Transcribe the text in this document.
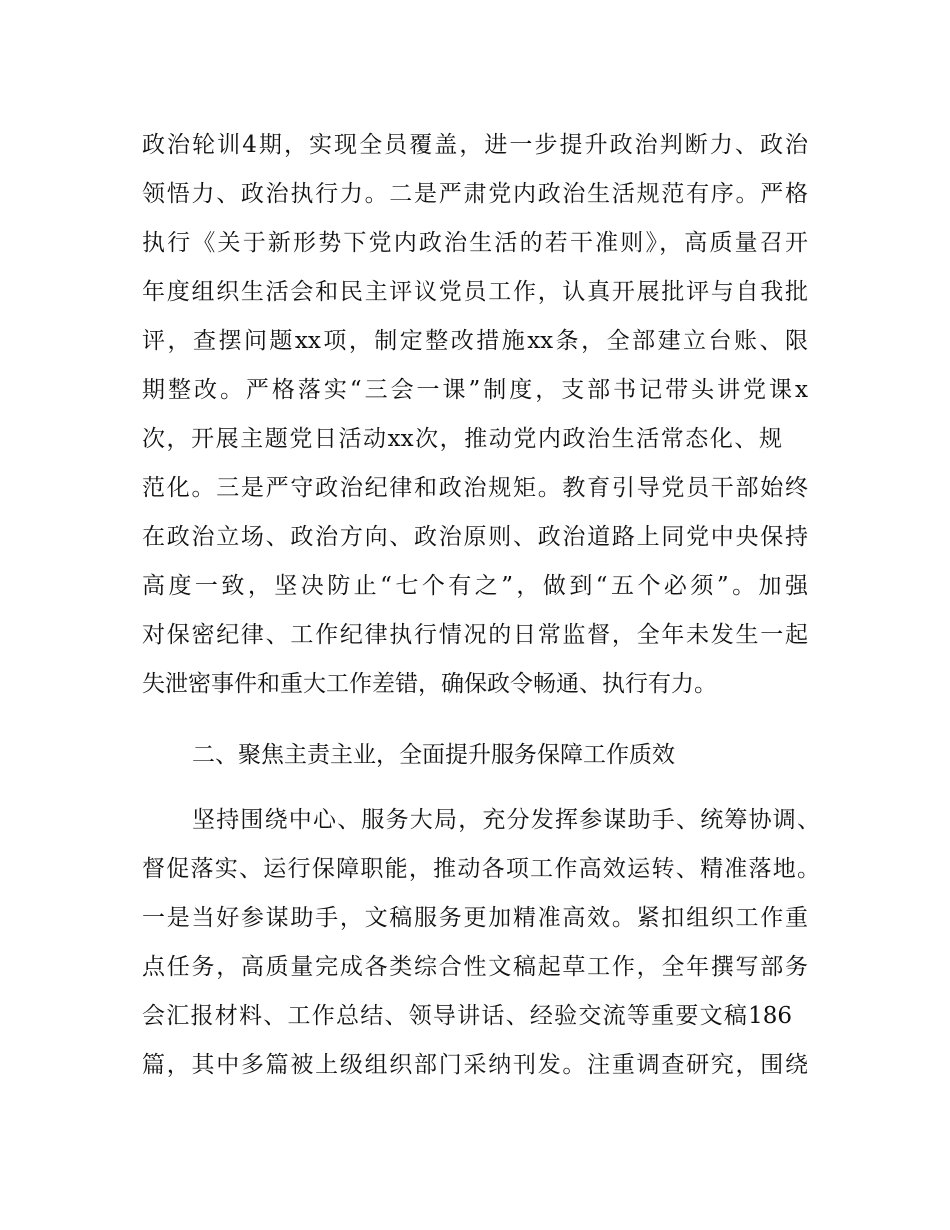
政治轮训4期，实现全员覆盖，进一步提升政治判断力、政治
领悟力、政治执行力。二是严肃党内政治生活规范有序。严格
执行《关于新形势下党内政治生活的若干准则》，高质量召开
年度组织生活会和民主评议党员工作，认真开展批评与自我批
评，查摆问题xx项，制定整改措施xx条，全部建立台账、限
期整改。严格落实“三会一课”制度，支部书记带头讲党课x
次，开展主题党日活动xx次，推动党内政治生活常态化、规
范化。三是严守政治纪律和政治规矩。教育引导党员干部始终
在政治立场、政治方向、政治原则、政治道路上同党中央保持
高度一致，坚决防止“七个有之”，做到“五个必须”。加强
对保密纪律、工作纪律执行情况的日常监督，全年未发生一起
失泄密事件和重大工作差错，确保政令畅通、执行有力。
二、聚焦主责主业，全面提升服务保障工作质效
坚持围绕中心、服务大局，充分发挥参谋助手、统筹协调、
督促落实、运行保障职能，推动各项工作高效运转、精准落地。
一是当好参谋助手，文稿服务更加精准高效。紧扣组织工作重
点任务，高质量完成各类综合性文稿起草工作，全年撰写部务
会汇报材料、工作总结、领导讲话、经验交流等重要文稿186
篇，其中多篇被上级组织部门采纳刊发。注重调查研究，围绕
